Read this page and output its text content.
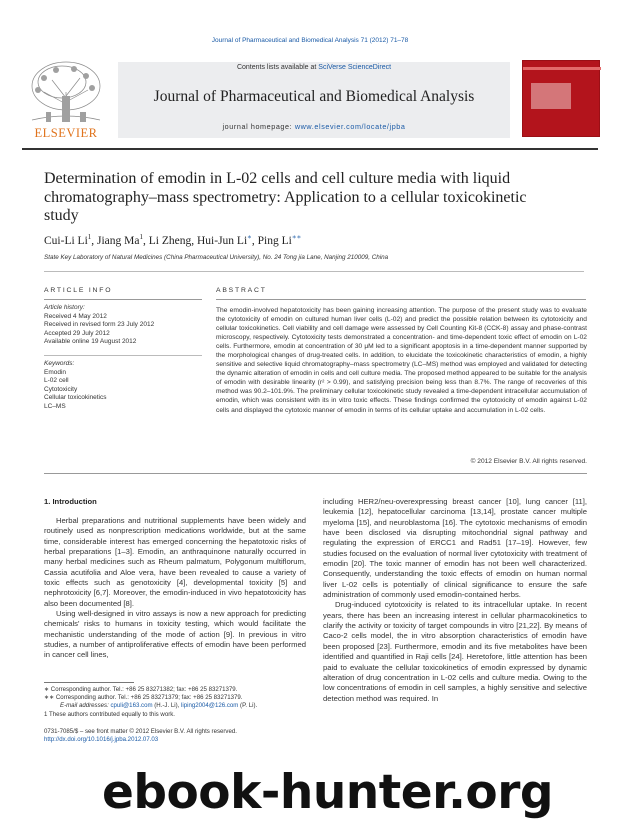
Journal of Pharmaceutical and Biomedical Analysis 71 (2012) 71–78
Contents lists available at SciVerse ScienceDirect
Journal of Pharmaceutical and Biomedical Analysis
journal homepage: www.elsevier.com/locate/jpba
ELSEVIER
Determination of emodin in L-02 cells and cell culture media with liquid chromatography–mass spectrometry: Application to a cellular toxicokinetic study
Cui-Li Li$^1$, Jiang Ma$^1$, Li Zheng, Hui-Jun Li∗, Ping Li∗∗
State Key Laboratory of Natural Medicines (China Pharmaceutical University), No. 24 Tong jia Lane, Nanjing 210009, China
ARTICLE INFO	ABSTRACT
Article history:
Received 4 May 2012
Received in revised form 23 July 2012
Accepted 29 July 2012
Available online 19 August 2012
Keywords:
Emodin
L-02 cell
Cytotoxicity
Cellular toxicokinetics
LC–MS
The emodin-involved hepatotoxicity has been gaining increasing attention. The purpose of the present study was to evaluate the cytotoxicity of emodin on cultured human liver cells (L-02) and predict the possible relation between its cytotoxicity and cellular toxicokinetics. Cell viability and cell damage were assessed by Cell Counting Kit-8 (CCK-8) assay and phase-contrast microscopy, respectively. Cytotoxicity tests demonstrated a concentration- and time-dependent toxic effect of emodin on L-02 cells. Furthermore, emodin at concentration of 30 μM led to a significant apoptosis in a time-dependent manner supported by the morphological changes of drug-treated cells. In addition, to elucidate the toxicokinetic characteristics of emodin, a highly sensitive and selective liquid chromatography–mass spectrometry (LC–MS) method was employed and validated for detecting the dynamic alteration of emodin in cells and cell culture media. The proposed method appeared to be suitable for the analysis of emodin with desirable linearity (r² > 0.99), and satisfying precision being less than 8.7%. The range of recoveries of this method was 90.2–101.9%. The preliminary cellular toxicokinetic study revealed a time-dependent intracellular accumulation of emodin, which was consistent with its in vitro toxic effects. These findings confirmed the cytotoxicity of emodin against L-02 cells and displayed the cytotoxic manner of emodin in terms of its cellular uptake and accumulation in L-02 cells.
© 2012 Elsevier B.V. All rights reserved.
1. Introduction

Herbal preparations and nutritional supplements have been widely and routinely used as nonprescription medications worldwide, but at the same time, considerable interest has emerged concerning the hepatotoxic risks of herbal preparations [1–3]. Emodin, an anthraquinone naturally occurred in many herbal medicines such as Rheum palmatum, Polygonum multiflorum, Cassia acutifolia and Aloe vera, have been revealed to cause a variety of toxic effects such as genotoxicity [4], developmental toxicity [5] and nephrotoxicity [6,7]. Moreover, the emodin-induced in vivo hepatotoxicity has also been documented [8].

Using well-designed in vitro assays is now a new approach for predicting chemicals' risks to humans in toxicity testing, which would facilitate the mechanistic understanding of the mode of action [9]. In previous in vitro studies, a number of antiproliferative effects of emodin have been performed in cancer cell lines,

including HER2/neu-overexpressing breast cancer [10], lung cancer [11], leukemia [12], hepatocellular carcinoma [13,14], prostate cancer multiple myeloma [15], and neuroblastoma [16]. The cytotoxic mechanisms of emodin have been disclosed via disrupting mitochondrial signal pathway and regulating the expression of ERCC1 and Rad51 [17–19]. However, few studies focused on the evaluation of normal liver cytotoxicity with treatment of emodin [20]. The toxic manner of emodin has not been well characterized. Consequently, understanding the toxic effects of emodin on human normal liver L-02 cells is potentially of clinical significance to ensure the safe administration of commonly used emodin-contained herbs.

Drug-induced cytotoxicity is related to its intracellular uptake. In recent years, there has been an increasing interest in cellular pharmacokinetics to clarify the activity or toxicity of target compounds in vitro [21,22]. By means of Caco-2 cells model, the in vitro absorption characteristics of emodin have been proposed [23]. Furthermore, emodin and its five metabolites have been identified and quantified in Raji cells [24]. Heretofore, little attention has been paid to evaluate the cellular toxicokinetics of emodin expressed by dynamic alteration of drug concentration in L-02 cells and culture media. Owing to the low concentrations of emodin in cell samples, a highly sensitive and selective detection method was required. In

∗ Corresponding author. Tel.: +86 25 83271382; fax: +86 25 83271379.
∗∗ Corresponding author. Tel.: +86 25 83271379; fax: +86 25 83271379.
E-mail addresses: cpuli@163.com (H.-J. Li), liping2004@126.com (P. Li).
1 These authors contributed equally to this work.
0731-7085/$ – see front matter © 2012 Elsevier B.V. All rights reserved.
http://dx.doi.org/10.1016/j.jpba.2012.07.03
ebook-hunter.org
